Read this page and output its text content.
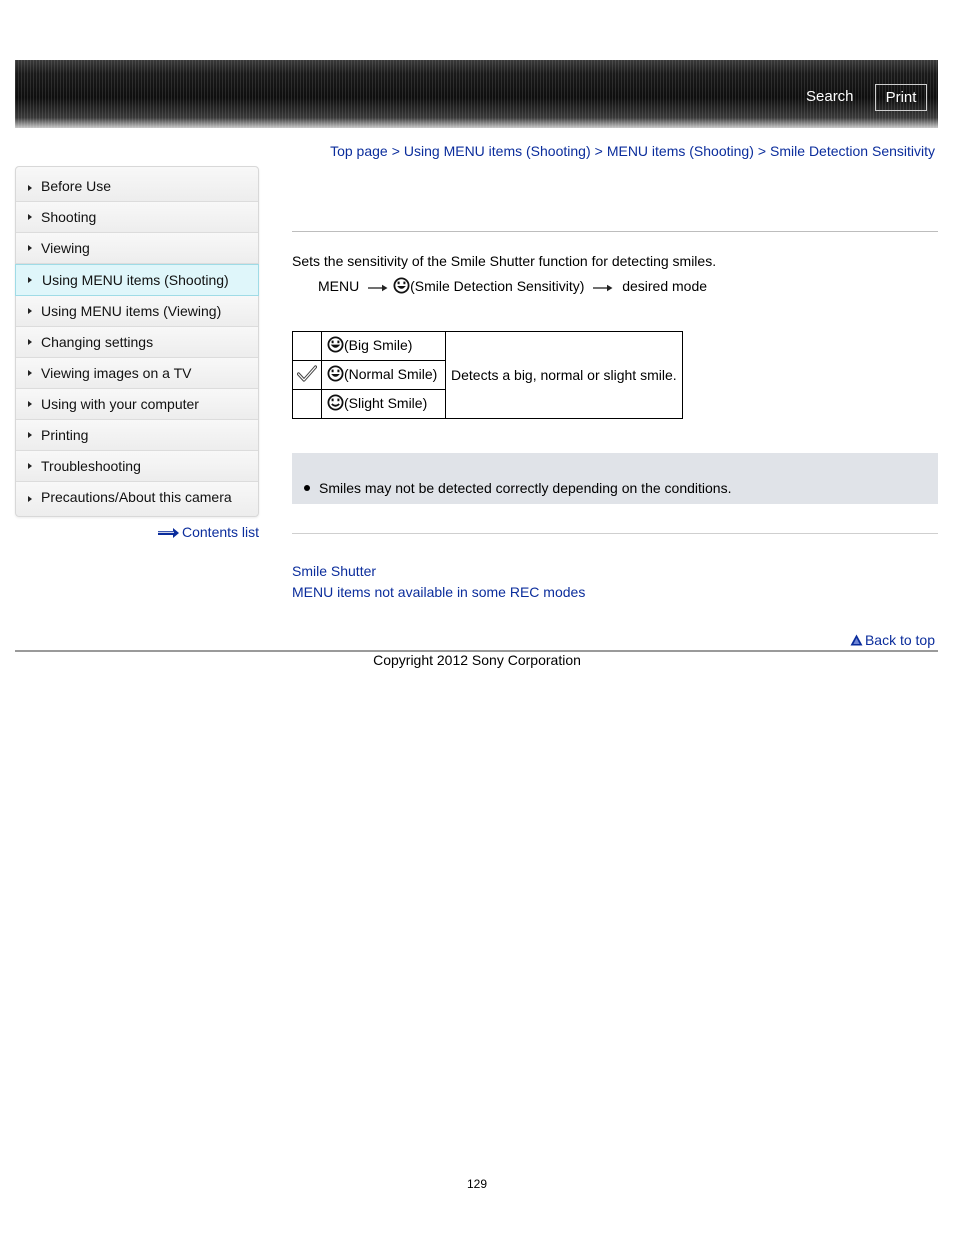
Search	Print
Top page > Using MENU items (Shooting) > MENU items (Shooting) > Smile Detection Sensitivity
Before Use
Shooting
Viewing
Using MENU items (Shooting)
Using MENU items (Viewing)
Changing settings
Viewing images on a TV
Using with your computer
Printing
Troubleshooting
Precautions/About this camera
Contents list
Sets the sensitivity of the Smile Shutter function for detecting smiles.
MENU	(Smile Detection Sensitivity)	desired mode
	(Big Smile)	Detects a big, normal or slight smile.
	(Normal Smile)	
	(Slight Smile)	
Smiles may not be detected correctly depending on the conditions.
Smile Shutter
MENU items not available in some REC modes
Back to top
Copyright 2012 Sony Corporation
129
